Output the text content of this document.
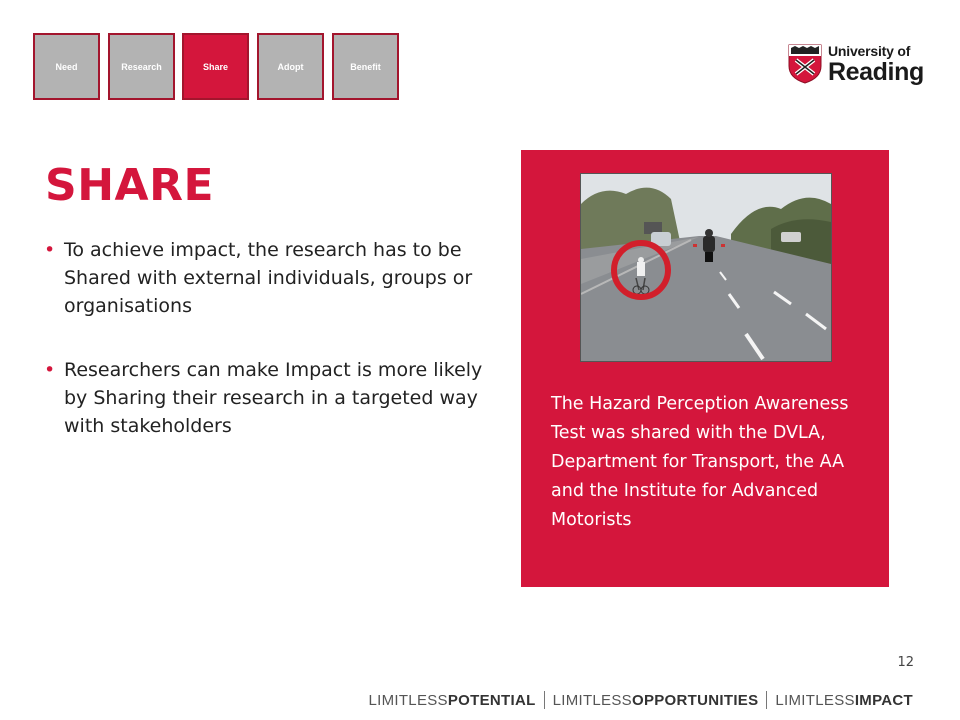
Need	Research	Share	Adopt	Benefit
University of
Reading
SHARE
• To achieve impact, the research has to be Shared with external individuals, groups or organisations
• Researchers can make Impact is more likely by Sharing their research in a targeted way with stakeholders

The Hazard Perception Awareness Test was shared with the DVLA, Department for Transport, the AA and the Institute for Advanced Motorists

12
LIMITLESSPOTENTIAL LIMITLESSOPPORTUNITIES LIMITLESSIMPACT
